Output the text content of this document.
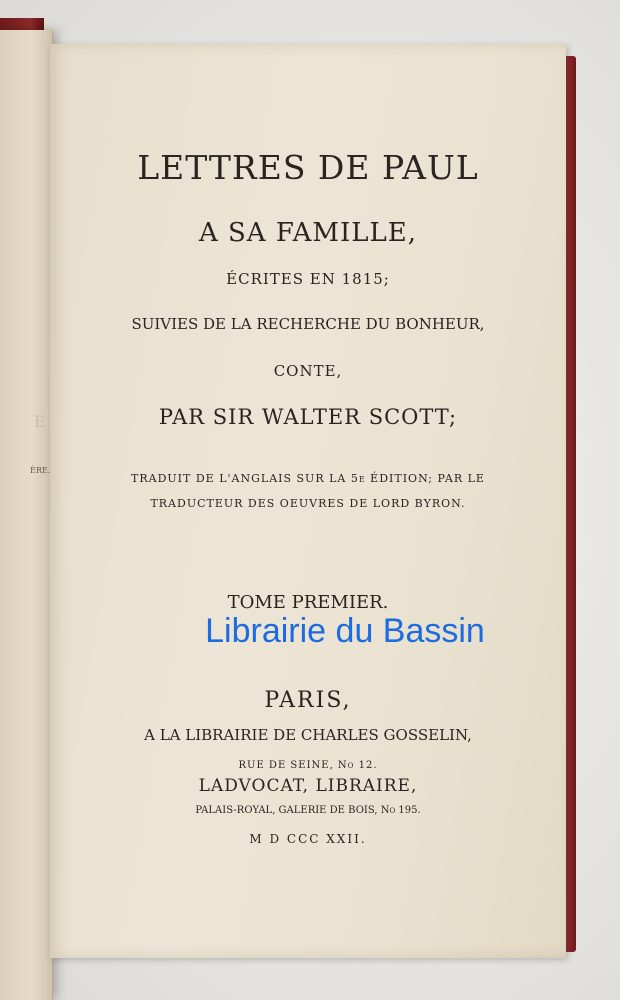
E
ÈRE.
LETTRES DE PAUL
A SA FAMILLE,
ÉCRITES EN 1815;
SUIVIES DE LA RECHERCHE DU BONHEUR,
CONTE,
PAR SIR WALTER SCOTT;
TRADUIT DE L'ANGLAIS SUR LA 5e ÉDITION; PAR LE
TRADUCTEUR DES OEUVRES DE LORD BYRON.
TOME PREMIER.
PARIS,
A LA LIBRAIRIE DE CHARLES GOSSELIN,
RUE DE SEINE, No 12.
LADVOCAT, LIBRAIRE,
PALAIS-ROYAL, GALERIE DE BOIS, No 195.
M D CCC XXII.
Librairie du Bassin
